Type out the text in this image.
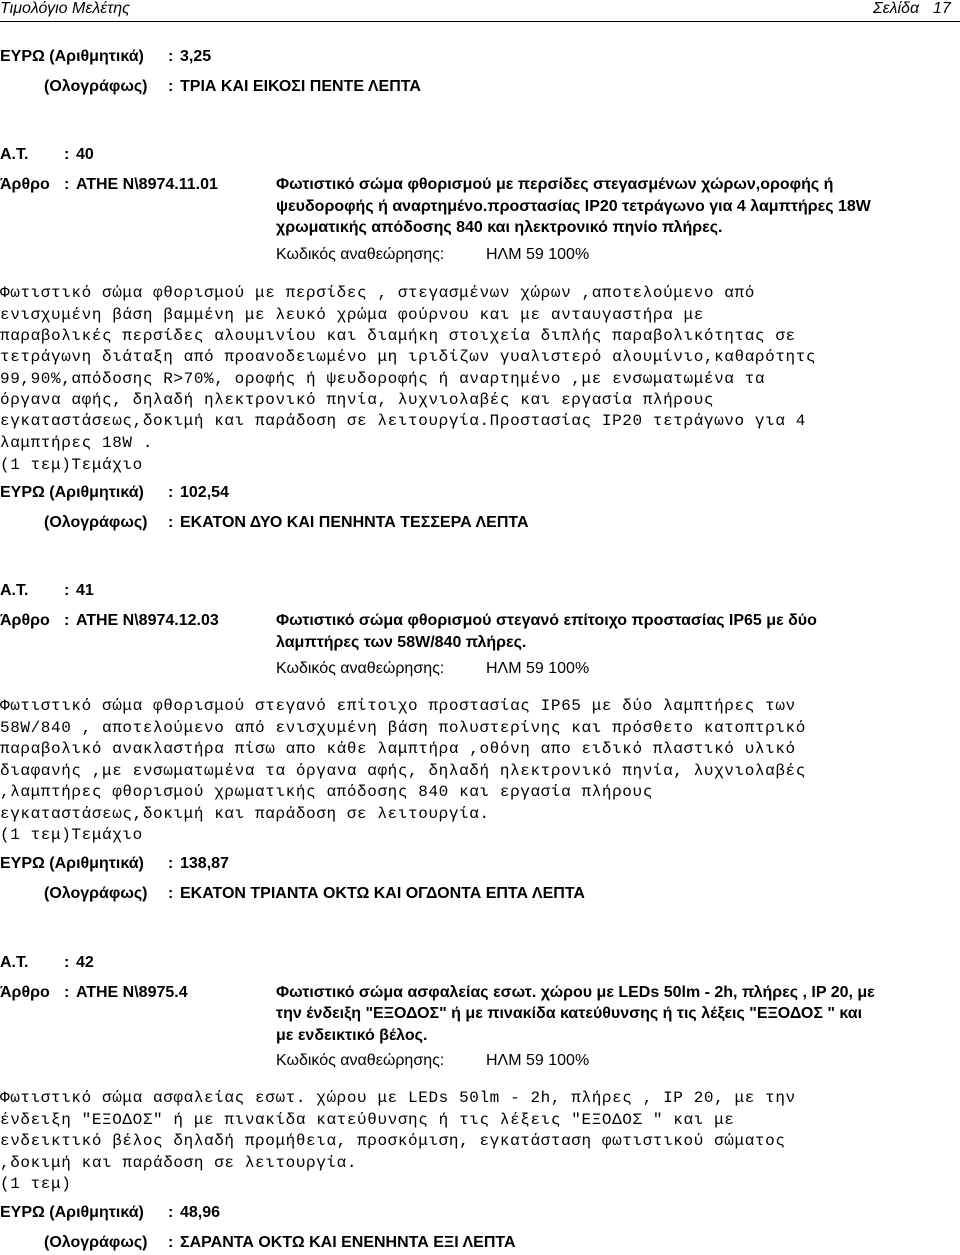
Τιμολόγιο Μελέτης	Σελίδα 17
ΕΥΡΩ (Αριθμητικά) : 3,25
(Ολογράφως) : ΤΡΙΑ ΚΑΙ ΕΙΚΟΣΙ ΠΕΝΤΕ ΛΕΠΤΑ
Α.Τ. : 40
Άρθρο : ΑΤΗΕ Ν\8974.11.01	Φωτιστικό σώμα φθορισμού με περσίδες στεγασμένων χώρων,οροφής ή
ψευδοροφής ή αναρτημένο.προστασίας IP20 τετράγωνο για 4 λαμπτήρες 18W
χρωματικής απόδοσης 840 και ηλεκτρονικό πηνίο πλήρες.
Κωδικός αναθεώρησης:	ΗΛΜ 59 100%
Φωτιστικό σώμα φθορισμού με περσίδες , στεγασμένων χώρων ,αποτελούμενο από
ενισχυμένη βάση βαμμένη με λευκό χρώμα φούρνου και με ανταυγαστήρα με
παραβολικές περσίδες αλουμινίου και διαμήκη στοιχεία διπλής παραβολικότητας σε
τετράγωνη διάταξη από προανοδειωμένο μη ιριδίζων γυαλιστερό αλουμίνιο,καθαρότητς
99,90%,απόδοσης R>70%, οροφής ή ψευδοροφής ή αναρτημένο ,με ενσωματωμένα τα
όργανα αφής, δηλαδή ηλεκτρονικό πηνία, λυχνιολαβές και εργασία πλήρους
εγκαταστάσεως,δοκιμή και παράδοση σε λειτουργία.Προστασίας IP20 τετράγωνο για 4
λαμπτήρες 18W .
(1 τεμ)Τεμάχιο
ΕΥΡΩ (Αριθμητικά) : 102,54
(Ολογράφως) : ΕΚΑΤΟΝ ΔΥΟ ΚΑΙ ΠΕΝΗΝΤΑ ΤΕΣΣΕΡΑ ΛΕΠΤΑ
Α.Τ. : 41
Άρθρο : ΑΤΗΕ Ν\8974.12.03	Φωτιστικό σώμα φθορισμού στεγανό επίτοιχο προστασίας IP65 με δύο
λαμπτήρες των 58W/840 πλήρες.
Κωδικός αναθεώρησης:	ΗΛΜ 59 100%
Φωτιστικό σώμα φθορισμού στεγανό επίτοιχο προστασίας IP65 με δύο λαμπτήρες των
58W/840 , αποτελούμενο από ενισχυμένη βάση πολυστερίνης και πρόσθετο κατοπτρικό
παραβολικό ανακλαστήρα πίσω απο κάθε λαμπτήρα ,οθόνη απο ειδικό πλαστικό υλικό
διαφανής ,με ενσωματωμένα τα όργανα αφής, δηλαδή ηλεκτρονικό πηνία, λυχνιολαβές
,λαμπτήρες φθορισμού χρωματικής απόδοσης 840 και εργασία πλήρους
εγκαταστάσεως,δοκιμή και παράδοση σε λειτουργία.
(1 τεμ)Τεμάχιο
ΕΥΡΩ (Αριθμητικά) : 138,87
(Ολογράφως) : ΕΚΑΤΟΝ ΤΡΙΑΝΤΑ ΟΚΤΩ ΚΑΙ ΟΓΔΟΝΤΑ ΕΠΤΑ ΛΕΠΤΑ
Α.Τ. : 42
Άρθρο : ΑΤΗΕ Ν\8975.4	Φωτιστικό σώμα ασφαλείας εσωτ. χώρου με LEDs 50lm - 2h, πλήρες , IP 20, με
την ένδειξη "ΕΞΟΔΟΣ" ή με πινακίδα κατεύθυνσης ή τις λέξεις "ΕΞΟΔΟΣ " και
με ενδεικτικό βέλος.
Κωδικός αναθεώρησης:	ΗΛΜ 59 100%
Φωτιστικό σώμα ασφαλείας εσωτ. χώρου με LEDs 50lm - 2h, πλήρες , IP 20, με την
ένδειξη "ΕΞΟΔΟΣ" ή με πινακίδα κατεύθυνσης ή τις λέξεις "ΕΞΟΔΟΣ " και με
ενδεικτικό βέλος δηλαδή προμήθεια, προσκόμιση, εγκατάσταση φωτιστικού σώματος
,δοκιμή και παράδοση σε λειτουργία.
(1 τεμ)
ΕΥΡΩ (Αριθμητικά) : 48,96
(Ολογράφως) : ΣΑΡΑΝΤΑ ΟΚΤΩ ΚΑΙ ΕΝΕΝΗΝΤΑ ΕΞΙ ΛΕΠΤΑ
